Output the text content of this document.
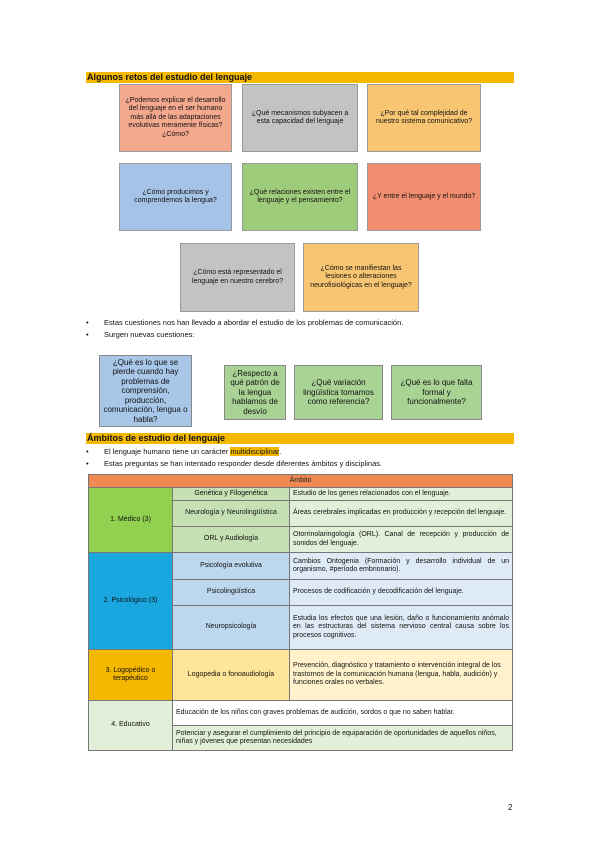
Algunos retos del estudio del lenguaje
¿Podemos explicar el desarrollo del lenguaje en el ser humano más allá de las adaptaciones evolutivas meramente físicas? ¿Cómo?
¿Qué mecanismos subyacen a esta capacidad del lenguaje
¿Por qué tal complejidad de nuestro sistema comunicativo?
¿Cómo producimos y comprendemos la lengua?
¿Qué relaciones existen entre el lenguaje y el pensamiento?
¿Y entre el lenguaje y el mundo?
¿Cómo está representado el lenguaje en nuestro cerebro?
¿Cómo se manifiestan las lesiones o alteraciones neurofisiológicas en el lenguaje?
• Estas cuestiones nos han llevado a abordar el estudio de los problemas de comunicación.
• Surgen nuevas cuestiones:
¿Qué es lo que se pierde cuando hay problemas de comprensión, producción, comunicación, lengua o habla?
¿Respecto a qué patrón de la lengua hablamos de desvío
¿Qué variación lingüística tomamos como referencia?
¿Qué es lo que falta formal y funcionalmente?
Ámbitos de estudio del lenguaje
• El lenguaje humano tiene un carácter multidisciplinar.
• Estas preguntas se han intentado responder desde diferentes ámbitos y disciplinas.
Ámbito		
1. Médico (3)	Genética y Filogenética	Estudio de los genes relacionados con el lenguaje.
	Neurología y Neurolingüística	Áreas cerebrales implicadas en producción y recepción del lenguaje.
	ORL y Audiología	Otorrinolaringología (ORL). Canal de recepción y producción de sonidos del lenguaje.
2. Psicológico (3)	Psicología evolutiva	Cambios Ontogenia (Formación y desarrollo individual de un organismo, #período embrionario).
	Psicolingüística	Procesos de codificación y decodificación del lenguaje.
	Neuropsicología	Estudia los efectos que una lesión, daño o funcionamiento anómalo en las estructuras del sistema nervioso central causa sobre los procesos cognitivos.
3. Logopédico o terapéutico	Logopedia o fonoaudiología	Prevención, diagnóstico y tratamiento o intervención integral de los trastornos de la comunicación humana (lengua, habla, audición) y funciones orales no verbales.
4. Educativo	Educación de los niños con graves problemas de audición, sordos o que no saben hablar.	
	Potenciar y asegurar el cumplimiento del principio de equiparación de oportunidades de aquellos niños, niñas y jóvenes que presentan necesidades	
2
